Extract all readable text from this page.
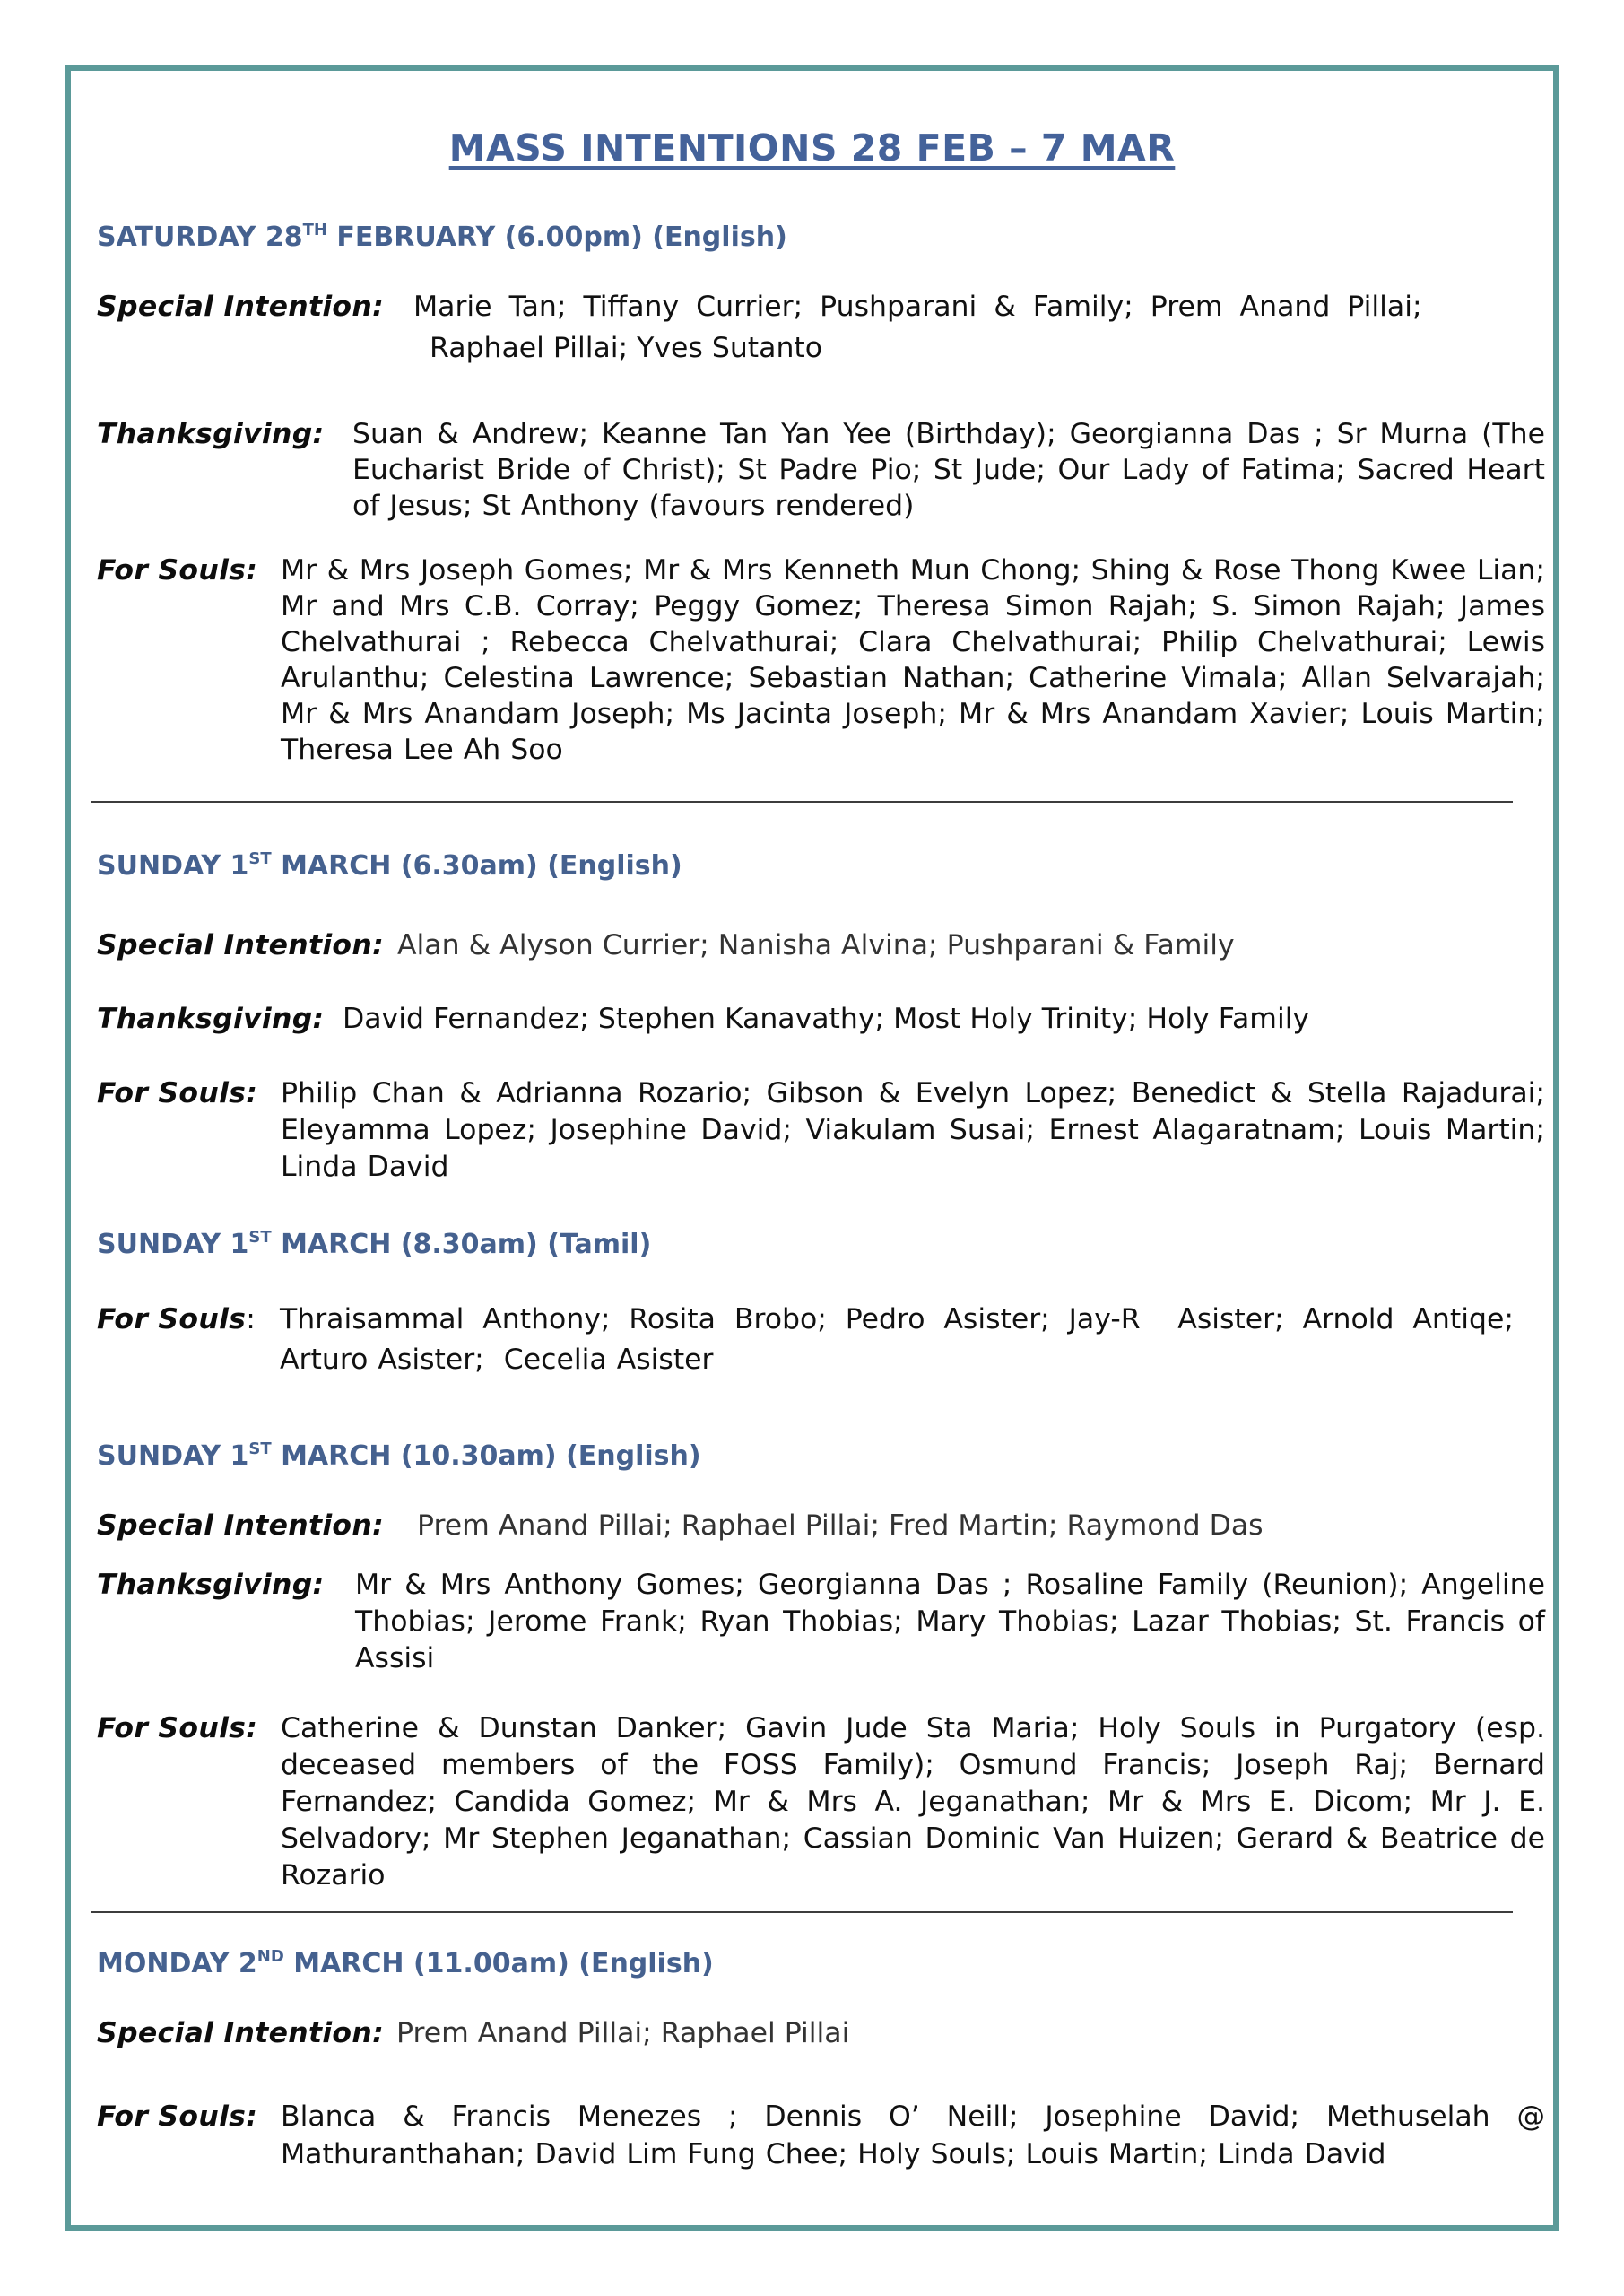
MASS INTENTIONS 28 FEB – 7 MAR
SATURDAY 28TH FEBRUARY (6.00pm) (English)
Special Intention: Marie Tan; Tiffany Currier; Pushparani & Family; Prem Anand Pillai;
Raphael Pillai; Yves Sutanto
Thanksgiving: Suan & Andrew; Keanne Tan Yan Yee (Birthday); Georgianna Das ; Sr Murna (The Eucharist Bride of Christ); St Padre Pio; St Jude; Our Lady of Fatima; Sacred Heart of Jesus; St Anthony (favours rendered)
For Souls: Mr & Mrs Joseph Gomes; Mr & Mrs Kenneth Mun Chong; Shing & Rose Thong Kwee Lian; Mr and Mrs C.B. Corray; Peggy Gomez; Theresa Simon Rajah; S. Simon Rajah; James Chelvathurai ; Rebecca Chelvathurai; Clara Chelvathurai; Philip Chelvathurai; Lewis Arulanthu; Celestina Lawrence; Sebastian Nathan; Catherine Vimala; Allan Selvarajah; Mr & Mrs Anandam Joseph; Ms Jacinta Joseph; Mr & Mrs Anandam Xavier; Louis Martin; Theresa Lee Ah Soo
SUNDAY 1ST MARCH (6.30am) (English)
Special Intention: Alan & Alyson Currier; Nanisha Alvina; Pushparani & Family
Thanksgiving: David Fernandez; Stephen Kanavathy; Most Holy Trinity; Holy Family
For Souls: Philip Chan & Adrianna Rozario; Gibson & Evelyn Lopez; Benedict & Stella Rajadurai; Eleyamma Lopez; Josephine David; Viakulam Susai; Ernest Alagaratnam; Louis Martin; Linda David
SUNDAY 1ST MARCH (8.30am) (Tamil)
For Souls: Thraisammal Anthony; Rosita Brobo; Pedro Asister; Jay-R  Asister; Arnold Antiqe; Arturo Asister;  Cecelia Asister
SUNDAY 1ST MARCH (10.30am) (English)
Special Intention: Prem Anand Pillai; Raphael Pillai; Fred Martin; Raymond Das
Thanksgiving: Mr & Mrs Anthony Gomes; Georgianna Das ; Rosaline Family (Reunion); Angeline Thobias; Jerome Frank; Ryan Thobias; Mary Thobias; Lazar Thobias; St. Francis of Assisi
For Souls: Catherine & Dunstan Danker; Gavin Jude Sta Maria; Holy Souls in Purgatory (esp. deceased members of the FOSS Family); Osmund Francis; Joseph Raj; Bernard Fernandez; Candida Gomez; Mr & Mrs A. Jeganathan; Mr & Mrs E. Dicom; Mr J. E. Selvadory; Mr Stephen Jeganathan; Cassian Dominic Van Huizen; Gerard & Beatrice de Rozario
MONDAY 2ND MARCH (11.00am) (English)
Special Intention: Prem Anand Pillai; Raphael Pillai
For Souls: Blanca & Francis Menezes ; Dennis O’ Neill; Josephine David; Methuselah @ Mathuranthahan; David Lim Fung Chee; Holy Souls; Louis Martin; Linda David
